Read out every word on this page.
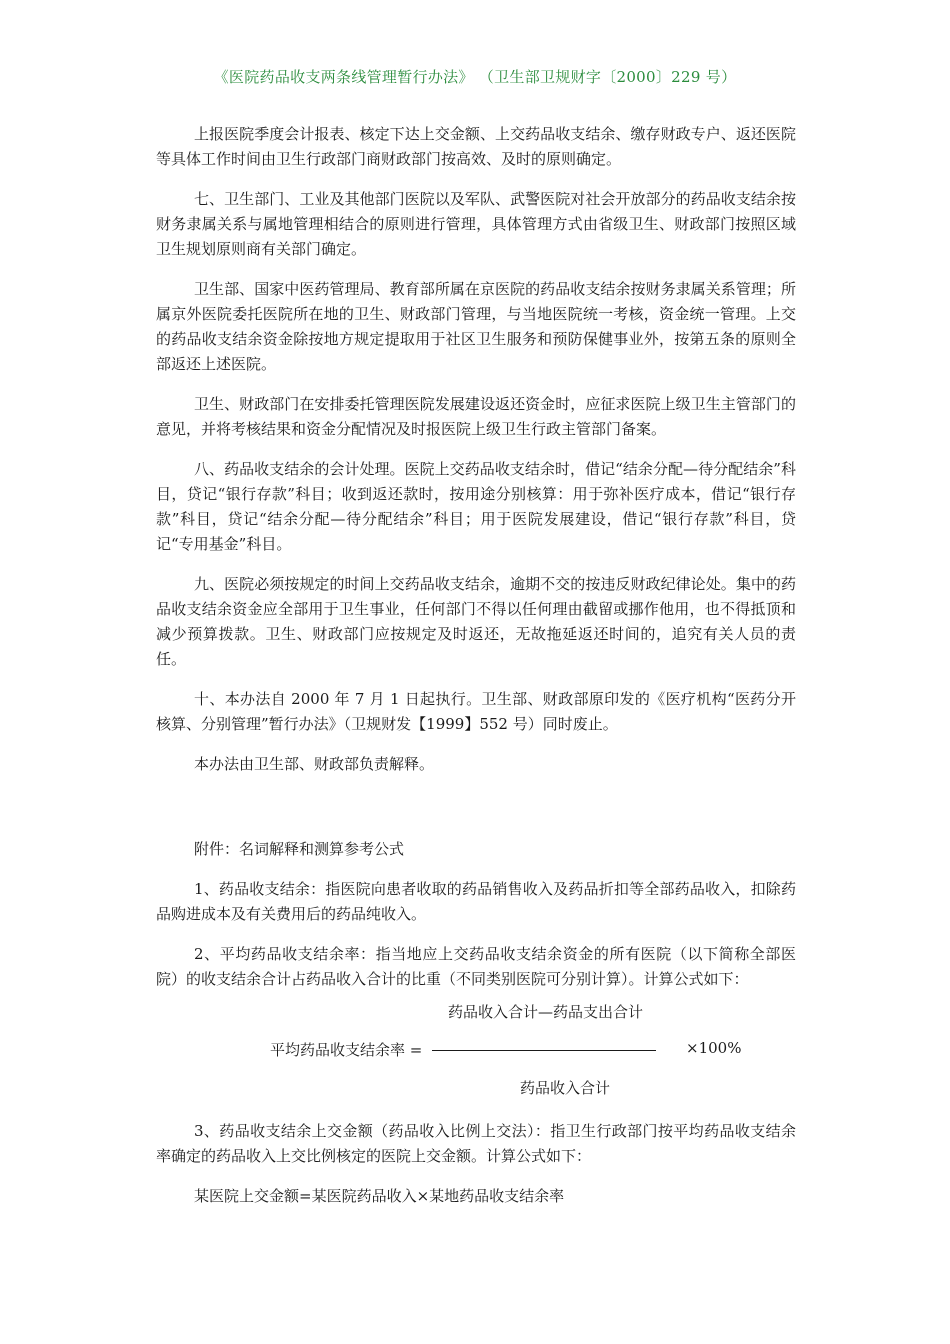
《医院药品收支两条线管理暂行办法》 （卫生部卫规财字〔2000〕229 号）

上报医院季度会计报表、核定下达上交金额、上交药品收支结余、缴存财政专户、返还医院等具体工作时间由卫生行政部门商财政部门按高效、及时的原则确定。

七、卫生部门、工业及其他部门医院以及军队、武警医院对社会开放部分的药品收支结余按财务隶属关系与属地管理相结合的原则进行管理，具体管理方式由省级卫生、财政部门按照区域卫生规划原则商有关部门确定。

卫生部、国家中医药管理局、教育部所属在京医院的药品收支结余按财务隶属关系管理；所属京外医院委托医院所在地的卫生、财政部门管理，与当地医院统一考核，资金统一管理。上交的药品收支结余资金除按地方规定提取用于社区卫生服务和预防保健事业外，按第五条的原则全部返还上述医院。

卫生、财政部门在安排委托管理医院发展建设返还资金时，应征求医院上级卫生主管部门的意见，并将考核结果和资金分配情况及时报医院上级卫生行政主管部门备案。

八、药品收支结余的会计处理。医院上交药品收支结余时，借记“结余分配—待分配结余”科目，贷记“银行存款”科目；收到返还款时，按用途分别核算：用于弥补医疗成本，借记“银行存款”科目，贷记“结余分配—待分配结余”科目；用于医院发展建设，借记“银行存款”科目，贷记“专用基金”科目。

九、医院必须按规定的时间上交药品收支结余，逾期不交的按违反财政纪律论处。集中的药品收支结余资金应全部用于卫生事业，任何部门不得以任何理由截留或挪作他用，也不得抵顶和减少预算拨款。卫生、财政部门应按规定及时返还，无故拖延返还时间的，追究有关人员的责任。

十、本办法自 2000 年 7 月 1 日起执行。卫生部、财政部原印发的《医疗机构“医药分开核算、分别管理”暂行办法》（卫规财发【1999】552 号）同时废止。

本办法由卫生部、财政部负责解释。

附件：名词解释和测算参考公式

1、药品收支结余：指医院向患者收取的药品销售收入及药品折扣等全部药品收入，扣除药品购进成本及有关费用后的药品纯收入。

2、平均药品收支结余率：指当地应上交药品收支结余资金的所有医院（以下简称全部医院）的收支结余合计占药品收入合计的比重（不同类别医院可分别计算）。计算公式如下：

药品收入合计—药品支出合计
平均药品收支结余率 =	×100%
药品收入合计

3、药品收支结余上交金额（药品收入比例上交法）：指卫生行政部门按平均药品收支结余率确定的药品收入上交比例核定的医院上交金额。计算公式如下：

某医院上交金额=某医院药品收入×某地药品收支结余率
